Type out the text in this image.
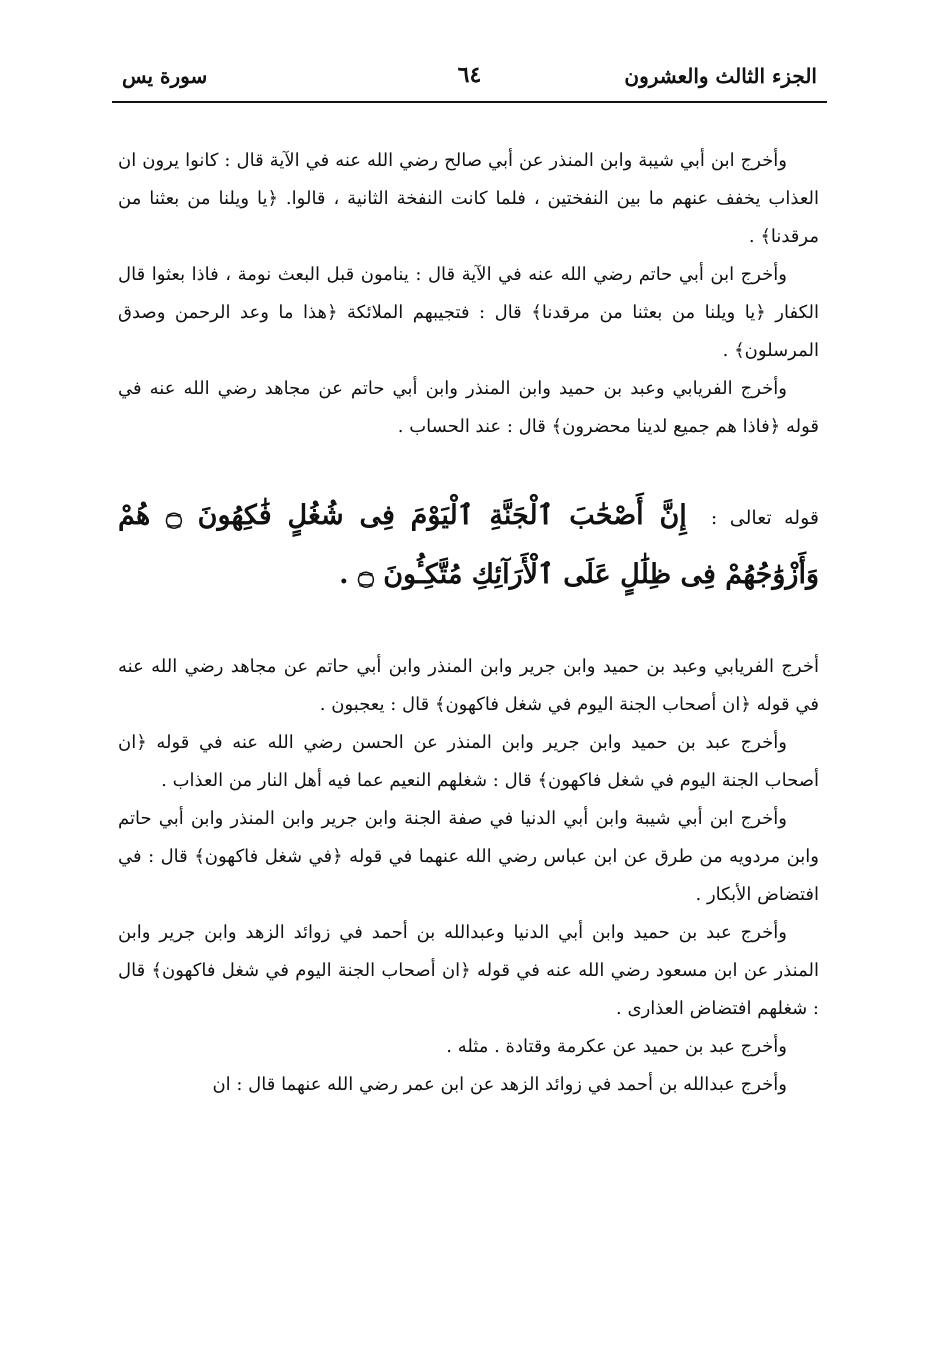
الجزء الثالث والعشرون
٦٤
سورة يس

وأخرج ابن أبي شيبة وابن المنذر عن أبي صالح رضي الله عنه في الآية قال : كانوا يرون ان العذاب يخفف عنهم ما بين النفختين ، فلما كانت النفخة الثانية ، قالوا. ﴿يا ويلنا من بعثنا من مرقدنا﴾ .

وأخرج ابن أبي حاتم رضي الله عنه في الآية قال : ينامون قبل البعث نومة ، فاذا بعثوا قال الكفار ﴿يا ويلنا من بعثنا من مرقدنا﴾ قال : فتجيبهم الملائكة ﴿هذا ما وعد الرحمن وصدق المرسلون﴾ .

وأخرج الفريابي وعبد بن حميد وابن المنذر وابن أبي حاتم عن مجاهد رضي الله عنه في قوله ﴿فاذا هم جميع لدينا محضرون﴾ قال : عند الحساب .

قوله تعالى : إِنَّ أَصْحَٰبَ ٱلْجَنَّةِ ٱلْيَوْمَ فِى شُغُلٍ فَٰكِهُونَ ۝ هُمْ وَأَزْوَٰجُهُمْ فِى ظِلَٰلٍ عَلَى ٱلْأَرَآئِكِ مُتَّكِـُٔونَ ۝ .

أخرج الفريابي وعبد بن حميد وابن جرير وابن المنذر وابن أبي حاتم عن مجاهد رضي الله عنه في قوله ﴿ان أصحاب الجنة اليوم في شغل فاكهون﴾ قال : يعجبون .

وأخرج عبد بن حميد وابن جرير وابن المنذر عن الحسن رضي الله عنه في قوله ﴿ان أصحاب الجنة اليوم في شغل فاكهون﴾ قال : شغلهم النعيم عما فيه أهل النار من العذاب .

وأخرج ابن أبي شيبة وابن أبي الدنيا في صفة الجنة وابن جرير وابن المنذر وابن أبي حاتم وابن مردويه من طرق عن ابن عباس رضي الله عنهما في قوله ﴿في شغل فاكهون﴾ قال : في افتضاض الأبكار .

وأخرج عبد بن حميد وابن أبي الدنيا وعبدالله بن أحمد في زوائد الزهد وابن جرير وابن المنذر عن ابن مسعود رضي الله عنه في قوله ﴿ان أصحاب الجنة اليوم في شغل فاكهون﴾ قال : شغلهم افتضاض العذارى .

وأخرج عبد بن حميد عن عكرمة وقتادة . مثله .

وأخرج عبدالله بن أحمد في زوائد الزهد عن ابن عمر رضي الله عنهما قال : ان
